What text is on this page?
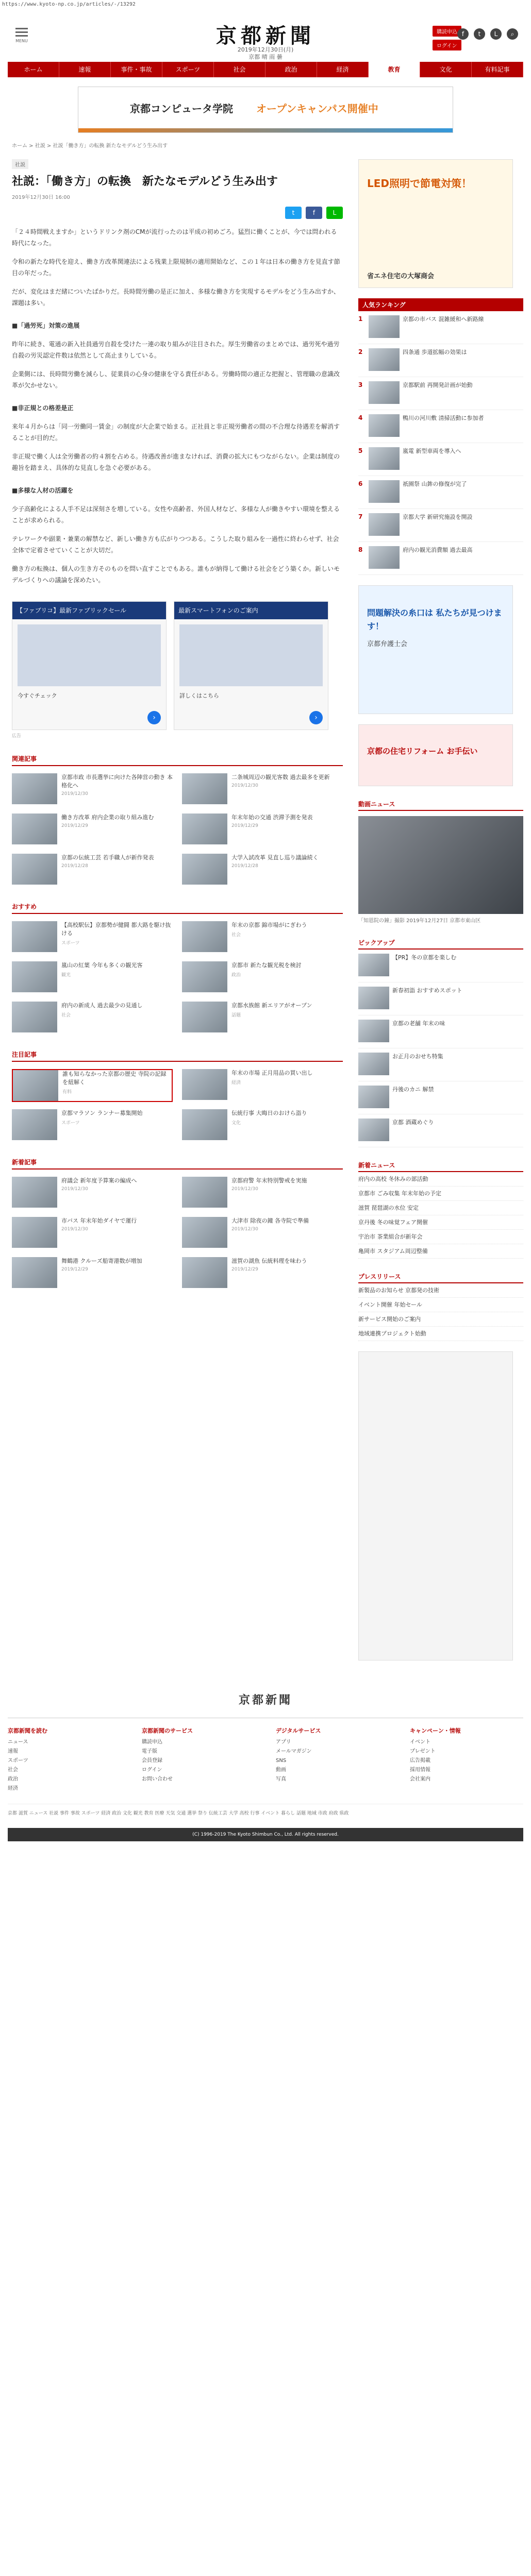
https://www.kyoto-np.co.jp/articles/-/13292
MENU	京都新聞
2019年12月30日(月)
京都 晴 雨 曇
購読申込
ログイン
f	t	L	⌕
ホーム	速報	事件・事故	スポーツ	社会	政治	経済	教育	文化	有料記事
京都コンピュータ学院 オープンキャンパス開催中
ホーム > 社説 > 社説「働き方」の転換 新たなモデルどう生み出す
社説
社説：「働き方」の転換　新たなモデルどう生み出す
2019年12月30日 16:00
t	f	L

「２４時間戦えますか」というドリンク剤のCMが流行ったのは平成の初めごろ。猛烈に働くことが、今では問われる時代になった。

令和の新たな時代を迎え、働き方改革関連法による残業上限規制の適用開始など、この１年は日本の働き方を見直す節目の年だった。

だが、変化はまだ緒についたばかりだ。長時間労働の是正に加え、多様な働き方を実現するモデルをどう生み出すか、課題は多い。

■「過労死」対策の進展

昨年に続き、電通の新入社員過労自殺を受けた一連の取り組みが注目された。厚生労働省のまとめでは、過労死や過労自殺の労災認定件数は依然として高止まりしている。

企業側には、長時間労働を減らし、従業員の心身の健康を守る責任がある。労働時間の適正な把握と、管理職の意識改革が欠かせない。

■非正規との格差是正

来年４月からは「同一労働同一賃金」の制度が大企業で始まる。正社員と非正規労働者の間の不合理な待遇差を解消することが目的だ。

非正規で働く人は全労働者の約４割を占める。待遇改善が進まなければ、消費の拡大にもつながらない。企業は制度の趣旨を踏まえ、具体的な見直しを急ぐ必要がある。

■多様な人材の活躍を

少子高齢化による人手不足は深刻さを増している。女性や高齢者、外国人材など、多様な人が働きやすい環境を整えることが求められる。

テレワークや副業・兼業の解禁など、新しい働き方も広がりつつある。こうした取り組みを一過性に終わらせず、社会全体で定着させていくことが大切だ。

働き方の転換は、個人の生き方そのものを問い直すことでもある。誰もが納得して働ける社会をどう築くか。新しいモデルづくりへの議論を深めたい。

【ファブリコ】最新ファブリックセール
今すぐチェック
›
最新スマートフォンのご案内
詳しくはこちら
›
広告
関連記事
京都市政 市長選挙に向けた各陣営の動き 本格化へ
2019/12/30
二条城周辺の観光客数 過去最多を更新
2019/12/30
働き方改革 府内企業の取り組み進む
2019/12/29
年末年始の交通 渋滞予測を発表
2019/12/29
京都の伝統工芸 若手職人が新作発表
2019/12/28
大学入試改革 見直し巡り議論続く
2019/12/28
おすすめ
【高校駅伝】京都勢が健闘 都大路を駆け抜ける
スポーツ
年末の京都 錦市場がにぎわう
社会
嵐山の紅葉 今年も多くの観光客
観光
京都市 新たな観光税を検討
政治
府内の新成人 過去最少の見通し
社会
京都水族館 新エリアがオープン
話題
注目記事
誰も知らなかった京都の歴史 寺院の記録を紐解く
有料
年末の市場 正月用品の買い出し
経済
京都マラソン ランナー募集開始
スポーツ
伝統行事 大晦日のおけら詣り
文化
新着記事
府議会 新年度予算案の編成へ
2019/12/30
京都府警 年末特別警戒を実施
2019/12/30
市バス 年末年始ダイヤで運行
2019/12/30
大津市 除夜の鐘 各寺院で準備
2019/12/30
舞鶴港 クルーズ船寄港数が増加
2019/12/29
滋賀の湖魚 伝統料理を味わう
2019/12/29
LED照明で節電対策！
省エネ住宅の大塚商会
人気ランキング
1	京都の市バス 混雑緩和へ新路線
2	四条通 歩道拡幅の効果は
3	京都駅前 再開発計画が始動
4	鴨川の河川敷 清掃活動に参加者
5	嵐電 新型車両を導入へ
6	祇園祭 山鉾の修復が完了
7	京都大学 新研究施設を開設
8	府内の観光消費額 過去最高
問題解決の糸口は 私たちが見つけます！
京都弁護士会
京都の住宅リフォーム お手伝い
動画ニュース
「知恩院の鐘」撮影 2019年12月27日 京都市東山区
ピックアップ
【PR】冬の京都を楽しむ
新春初詣 おすすめスポット
京都の老舗 年末の味
お正月のおせち特集
丹後のカニ 解禁
京都 酒蔵めぐり
新着ニュース
府内の高校 冬休みの部活動
京都市 ごみ収集 年末年始の予定
滋賀 琵琶湖の水位 安定
京丹後 冬の味覚フェア開催
宇治市 茶業組合が新年会
亀岡市 スタジアム周辺整備
プレスリリース
新製品のお知らせ 京都発の技術
イベント開催 年始セール
新サービス開始のご案内
地域連携プロジェクト始動
京都新聞
京都新聞を読む
ニュース
速報
スポーツ
社会
政治
経済
京都新聞のサービス
購読申込
電子版
会員登録
ログイン
お問い合わせ
デジタルサービス
アプリ
メールマガジン
SNS
動画
写真
キャンペーン・情報
イベント
プレゼント
広告掲載
採用情報
会社案内
京都 滋賀 ニュース 社説 事件 事故 スポーツ 経済 政治 文化 観光 教育 医療 天気 交通 選挙 祭り 伝統工芸 大学 高校 行事 イベント 暮らし 話題 地域 市政 府政 県政
(C) 1996-2019 The Kyoto Shimbun Co., Ltd. All rights reserved.
